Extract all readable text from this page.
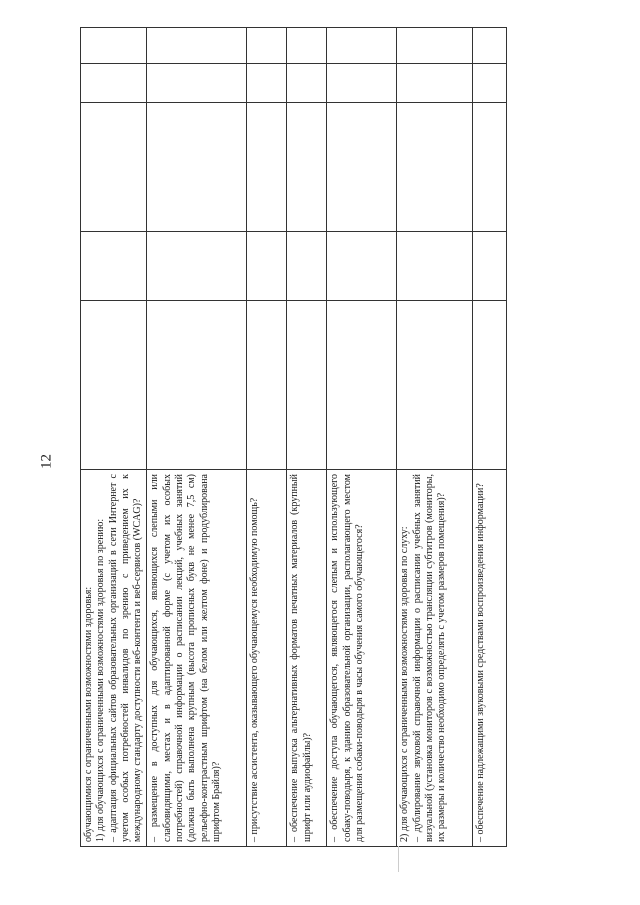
12
обучающимися с ограниченными возможностями здоровья: 1) для обучающихся с ограниченными возможностями здоровья по зрению: – адаптация официальных сайтов образовательных организаций в сети Интернет с учетом особых потребностей инвалидов по зрению с приведением их к международному стандарту доступности веб-контента и веб-сервисов (WCAG)?					

– размещение в доступных для обучающихся, являющихся слепыми или слабовидящими, местах и в адаптированной форме (с учетом их особых потребностей) справочной информации о расписании лекций, учебных занятий (должна быть выполнена крупным (высота прописных букв не менее 7,5 см) рельефно-контрастным шрифтом (на белом или желтом фоне) и продублирована шрифтом Брайля)?					

– присутствие ассистента, оказывающего обучающемуся необходимую помощь?					

– обеспечение выпуска альтернативных форматов печатных материалов (крупный шрифт или аудиофайлы)?					

– обеспечение доступа обучающегося, являющегося слепым и использующего собаку-поводыря, к зданию образовательной организации, располагающего местом для размещения собаки-поводыря в часы обучения самого обучающегося?					

2) для обучающихся с ограниченными возможностями здоровья по слуху: – дублирование звуковой справочной информации о расписании учебных занятий визуальной (установка мониторов с возможностью трансляции субтитров (мониторы, их размеры и количество необходимо определять с учетом размеров помещения)?					

– обеспечение надлежащими звуковыми средствами воспроизведения информации?					
